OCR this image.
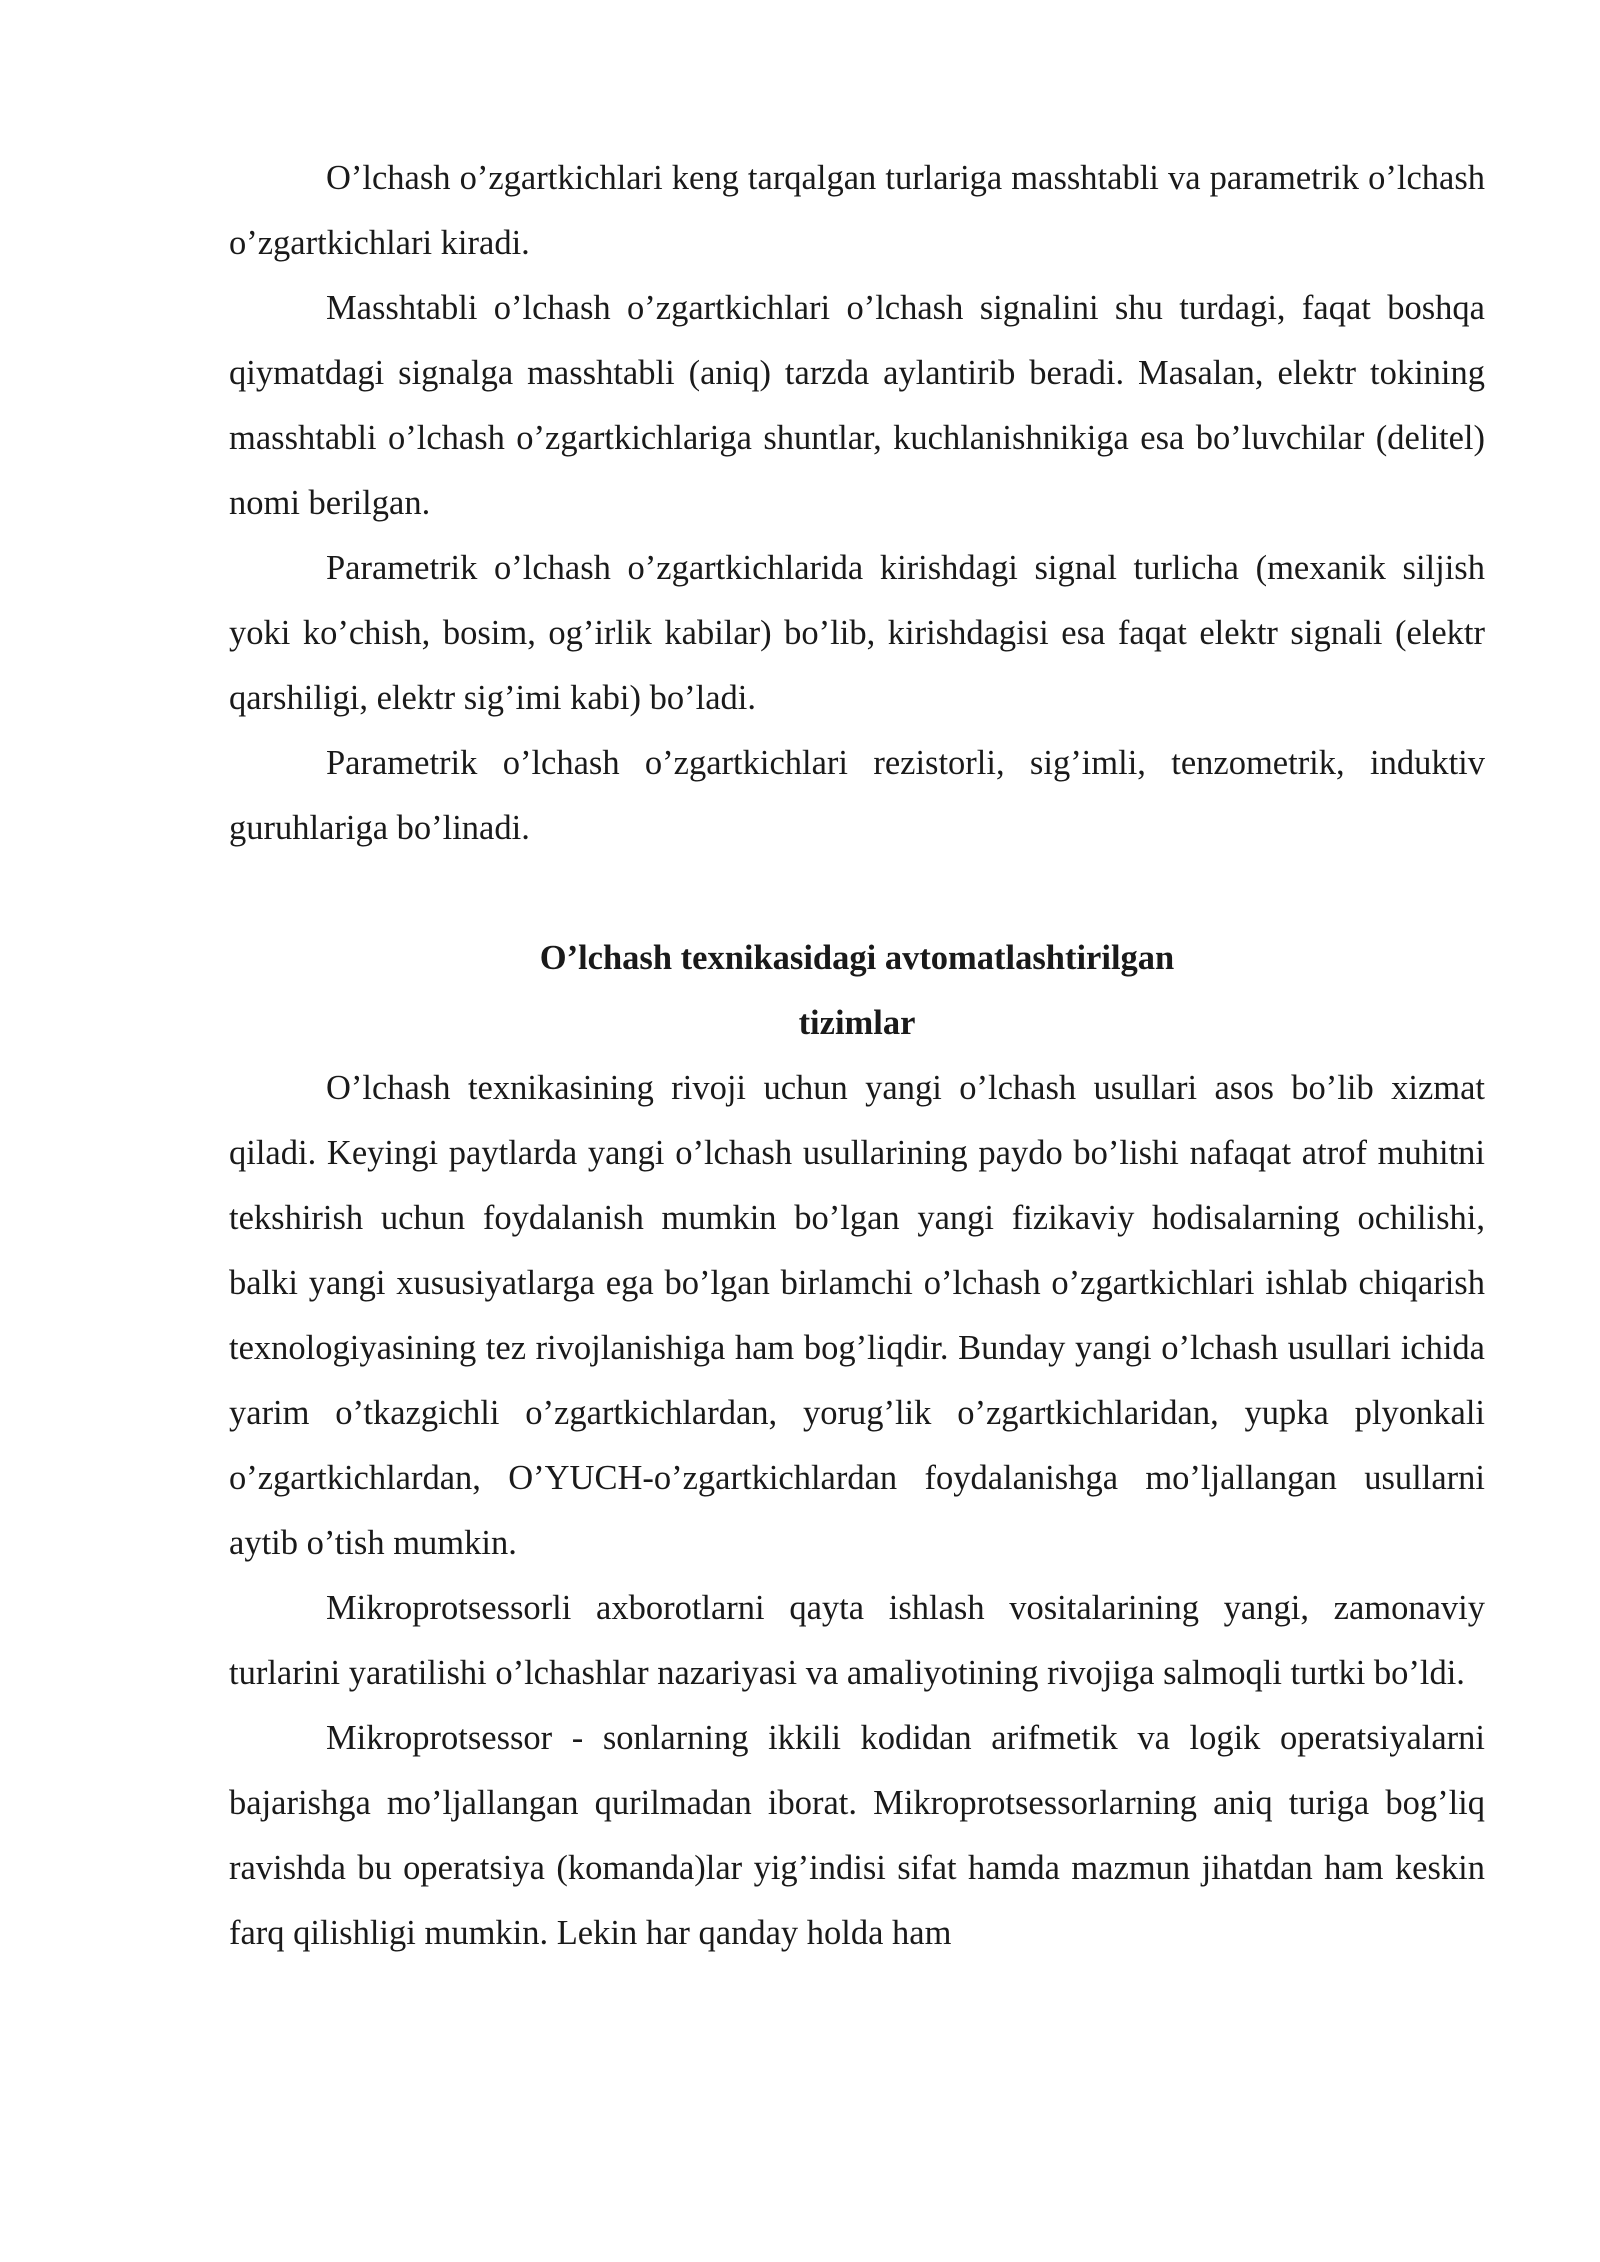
O’lchash o’zgartkichlari keng tarqalgan turlariga masshtabli va parametrik o’lchash o’zgartkichlari kiradi.

Masshtabli o’lchash o’zgartkichlari o’lchash signalini shu turdagi, faqat boshqa qiymatdagi signalga masshtabli (aniq) tarzda aylantirib beradi. Masalan, elektr tokining masshtabli o’lchash o’zgartkichlariga shuntlar, kuchlanishnikiga esa bo’luvchilar (delitel) nomi berilgan.

Parametrik o’lchash o’zgartkichlarida kirishdagi signal turlicha (mexanik siljish yoki ko’chish, bosim, og’irlik kabilar) bo’lib, kirishdagisi esa faqat elektr signali (elektr qarshiligi, elektr sig’imi kabi) bo’ladi.

Parametrik o’lchash o’zgartkichlari rezistorli, sig’imli, tenzometrik, induktiv guruhlariga bo’linadi.

O’lchash texnikasidagi avtomatlashtirilgan
tizimlar

O’lchash texnikasining rivoji uchun yangi o’lchash usullari asos bo’lib xizmat qiladi. Keyingi paytlarda yangi o’lchash usullarining paydo bo’lishi nafaqat atrof muhitni tekshirish uchun foydalanish mumkin bo’lgan yangi fizikaviy hodisalarning ochilishi, balki yangi xususiyatlarga ega bo’lgan birlamchi o’lchash o’zgartkichlari ishlab chiqarish texnologiyasining tez rivojlanishiga ham bog’liqdir. Bunday yangi o’lchash usullari ichida yarim o’tkazgichli o’zgartkichlardan, yorug’lik o’zgartkichlaridan, yupka plyonkali o’zgartkichlardan, O’YUCH-o’zgartkichlardan foydalanishga mo’ljallangan usullarni aytib o’tish mumkin.

Mikroprotsessorli axborotlarni qayta ishlash vositalarining yangi, zamonaviy turlarini yaratilishi o’lchashlar nazariyasi va amaliyotining rivojiga salmoqli turtki bo’ldi.

Mikroprotsessor - sonlarning ikkili kodidan arifmetik va logik operatsiyalarni bajarishga mo’ljallangan qurilmadan iborat. Mikroprotsessorlarning aniq turiga bog’liq ravishda bu operatsiya (komanda)lar yig’indisi sifat hamda mazmun jihatdan ham keskin farq qilishligi mumkin. Lekin har qanday holda ham
